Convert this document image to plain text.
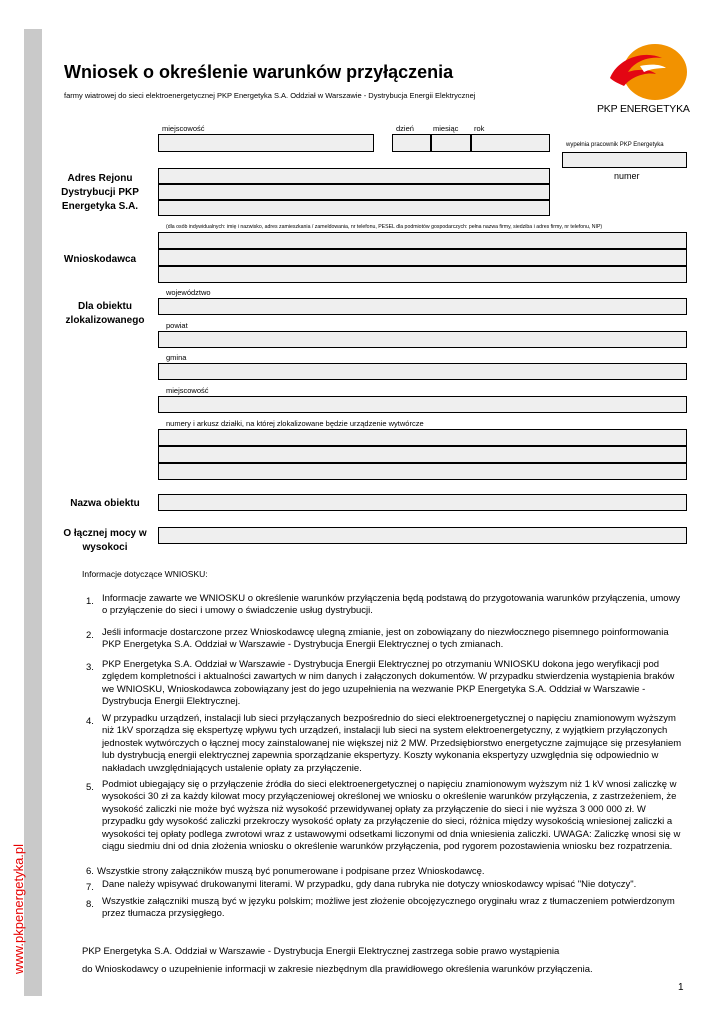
www.pkpenergetyka.pl
Wniosek o określenie warunków przyłączenia
farmy wiatrowej do sieci elektroenergetycznej PKP Energetyka S.A. Oddział w Warszawie - Dystrybucja Energii Elektrycznej
PKP ENERGETYKA
miejscowość	dzień	miesiąc rok
wypełnia pracownik PKP Energetyka
numer
Adres Rejonu Dystrybucji PKP Energetyka S.A.
(dla osób indywidualnych: imię i nazwisko, adres zamieszkania / zameldowania, nr telefonu, PESEL dla podmiotów gospodarczych: pełna nazwa firmy, siedziba i adres firmy, nr telefonu, NIP)
Wnioskodawca
Dla obiektu zlokalizowanego
województwo
powiat
gmina
miejscowość
numery i arkusz działki, na której zlokalizowane będzie urządzenie wytwórcze
Nazwa obiektu
O łącznej mocy w wysokoci
Informacje dotyczące WNIOSKU:
1. Informacje zawarte we WNIOSKU o określenie warunków przyłączenia będą podstawą do przygotowania warunków przyłączenia, umowy o przyłączenie do sieci i umowy o świadczenie usług dystrybucji.
2. Jeśli informacje dostarczone przez Wnioskodawcę ulegną zmianie, jest on zobowiązany do niezwłocznego pisemnego poinformowania PKP Energetyka S.A. Oddział w Warszawie - Dystrybucja Energii Elektrycznej o tych zmianach.
3. PKP Energetyka S.A. Oddział w Warszawie - Dystrybucja Energii Elektrycznej po otrzymaniu WNIOSKU dokona jego weryfikacji pod zględem kompletności i aktualności zawartych w nim danych i załączonych dokumentów. W przypadku stwierdzenia wystąpienia braków we WNIOSKU, Wnioskodawca zobowiązany jest do jego uzupełnienia na wezwanie PKP Energetyka S.A. Oddział w Warszawie -Dystrybucja Energii Elektrycznej.
4. W przypadku urządzeń, instalacji lub sieci przyłączanych bezpośrednio do sieci elektroenergetycznej o napięciu znamionowym wyższym niż 1kV sporządza się ekspertyzę wpływu tych urządzeń, instalacji lub sieci na system elektroenergetyczny, z wyjątkiem przyłączonych jednostek wytwórczych o łącznej mocy zainstalowanej nie większej niż 2 MW. Przedsiębiorstwo energetyczne zajmujące się przesyłaniem lub dystrybucją energii elektrycznej zapewnia sporządzanie ekspertyzy. Koszty wykonania ekspertyzy uzwględnia się odpowiednio w nakładach uwzględniających ustalenie opłaty za przyłączenie.
5. Podmiot ubiegający się o przyłączenie źródła do sieci elektroenergetycznej o napięciu znamionowym wyższym niż 1 kV wnosi zaliczkę w wysokości 30 zł za każdy kilowat mocy przyłączeniowej określonej we wniosku o określenie warunków przyłączenia, z zastrzeżeniem, że wysokość zaliczki nie może być wyższa niż wysokość przewidywanej opłaty za przyłączenie do sieci i nie wyższa 3 000 000 zł. W przypadku gdy wysokość zaliczki przekroczy wysokość opłaty za przyłączenie do sieci, różnica między wysokością wniesionej zaliczki a wysokości tej opłaty podlega zwrotowi wraz z ustawowymi odsetkami liczonymi od dnia wniesienia zaliczki. UWAGA: Zaliczkę wnosi się w ciągu siedmiu dni od dnia złożenia wniosku o określenie warunków przyłączenia, pod rygorem pozostawienia wniosku bez rozpatrzenia.
6. Wszystkie strony załączników muszą być ponumerowane i podpisane przez Wnioskodawcę.
7. Dane należy wpisywać drukowanymi literami. W przypadku, gdy dana rubryka nie dotyczy wnioskodawcy wpisać "Nie dotyczy".
8. Wszystkie załączniki muszą być w języku polskim; możliwe jest złożenie obcojęzycznego oryginału wraz z tłumaczeniem potwierdzonym przez tłumacza przysięgłego.
PKP Energetyka S.A. Oddział w Warszawie - Dystrybucja Energii Elektrycznej zastrzega sobie prawo wystąpienia
do Wnioskodawcy o uzupełnienie informacji w zakresie niezbędnym dla prawidłowego określenia warunków przyłączenia.
1
